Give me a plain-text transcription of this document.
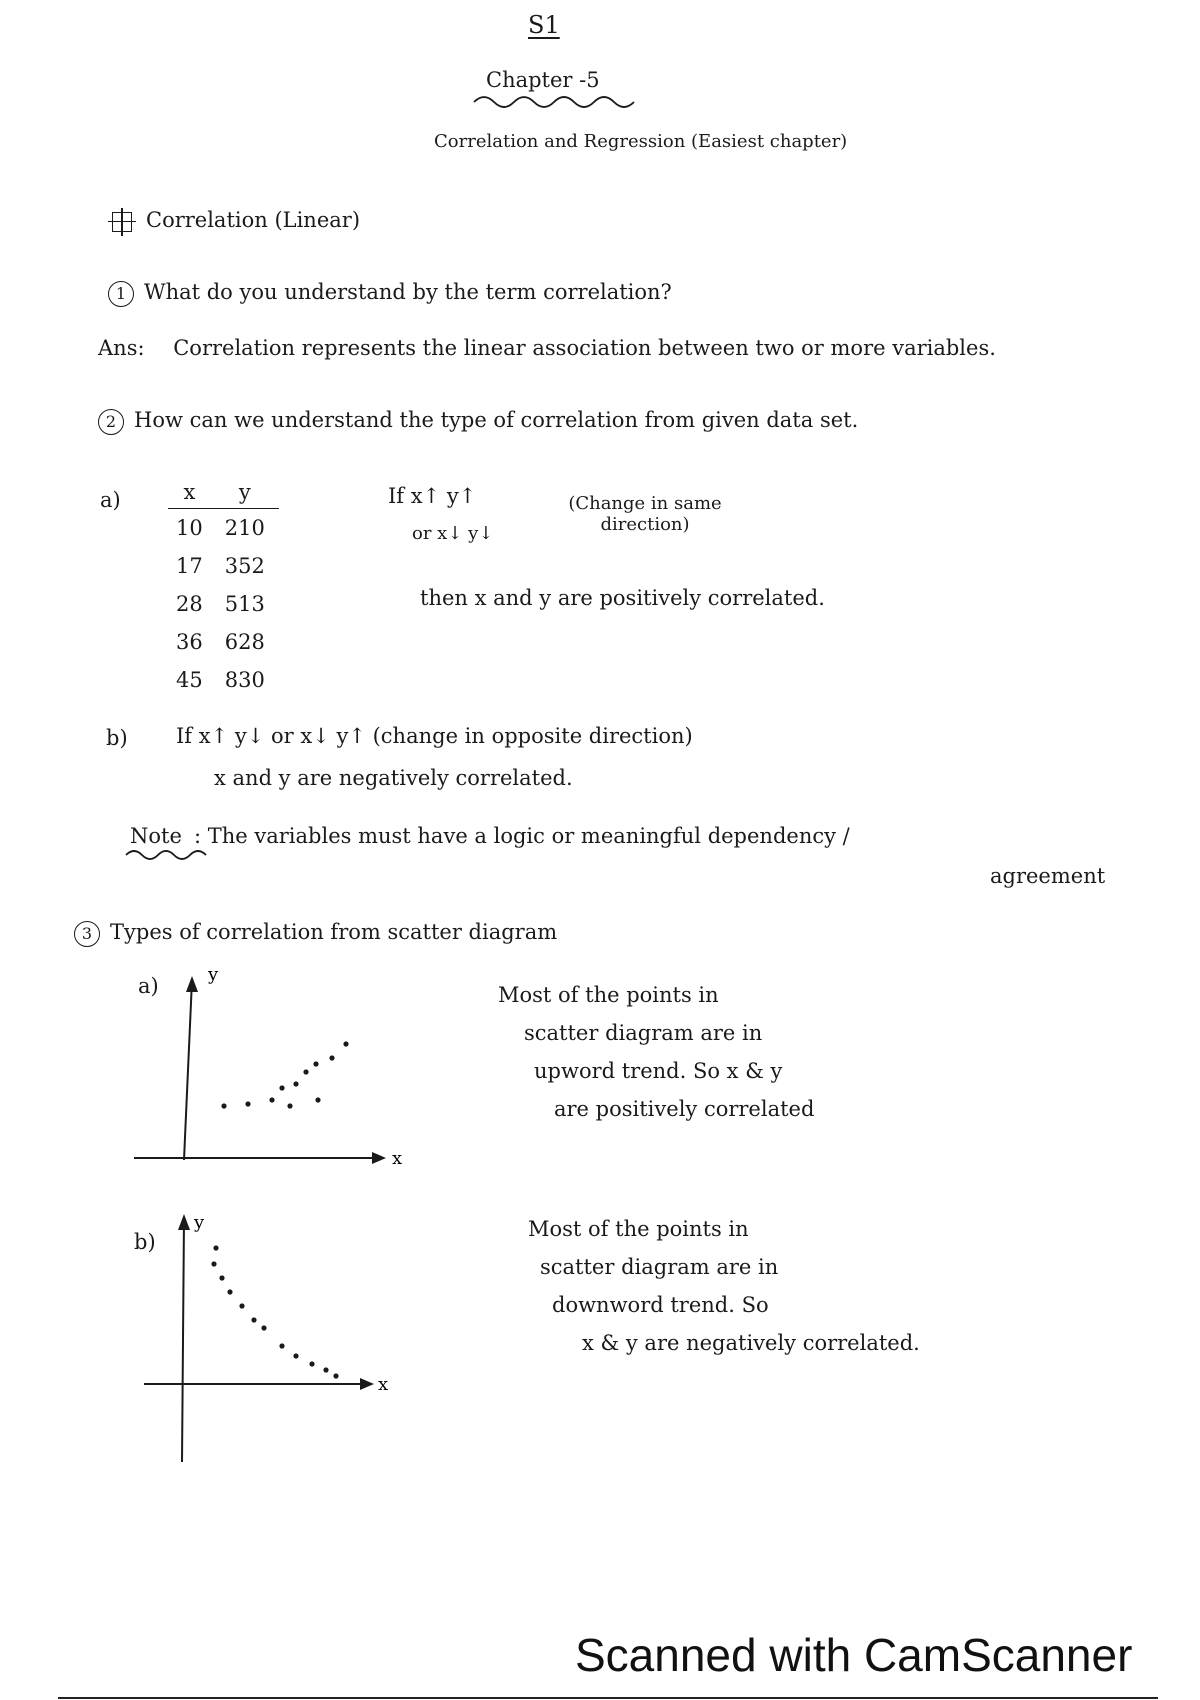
S1
Chapter -5
Correlation and Regression (Easiest chapter)
Correlation (Linear)
1 What do you understand by the term correlation?
Ans: Correlation represents the linear association between two or more variables.
2 How can we understand the type of correlation from given data set.
a)	x	y
10	210
17	352
28	513
36	628
45	830
If x↑ y↑
or x↓ y↓
(Change in same direction)
then x and y are positively correlated.
b) If x↑ y↓ or x↓ y↑ (change in opposite direction)
x and y are negatively correlated.
Note : The variables must have a logic or meaningful dependency /
agreement
3 Types of correlation from scatter diagram
a)	y
x
Most of the points in
scatter diagram are in
upword trend. So x & y
are positively correlated
b)
y
x
Most of the points in
scatter diagram are in
downword trend. So
x & y are negatively correlated.
Scanned with CamScanner
